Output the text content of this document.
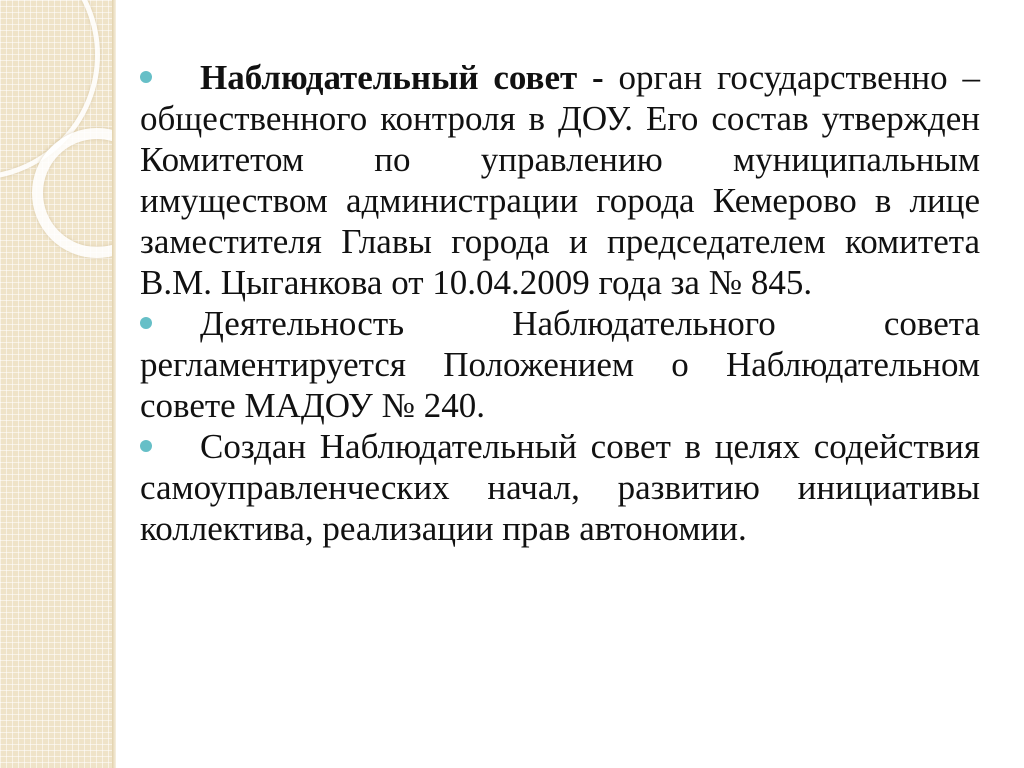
Наблюдательный совет - орган государственно – общественного контроля в ДОУ. Его состав утвержден Комитетом по управлению муниципальным имуществом администрации города Кемерово в лице заместителя Главы города и председателем комитета В.М. Цыганкова от 10.04.2009 года за № 845.

Деятельность Наблюдательного совета регламентируется Положением о Наблюдательном совете МАДОУ № 240.

Создан Наблюдательный совет в целях содействия самоуправленческих начал, развитию инициативы коллектива, реализации прав автономии.
